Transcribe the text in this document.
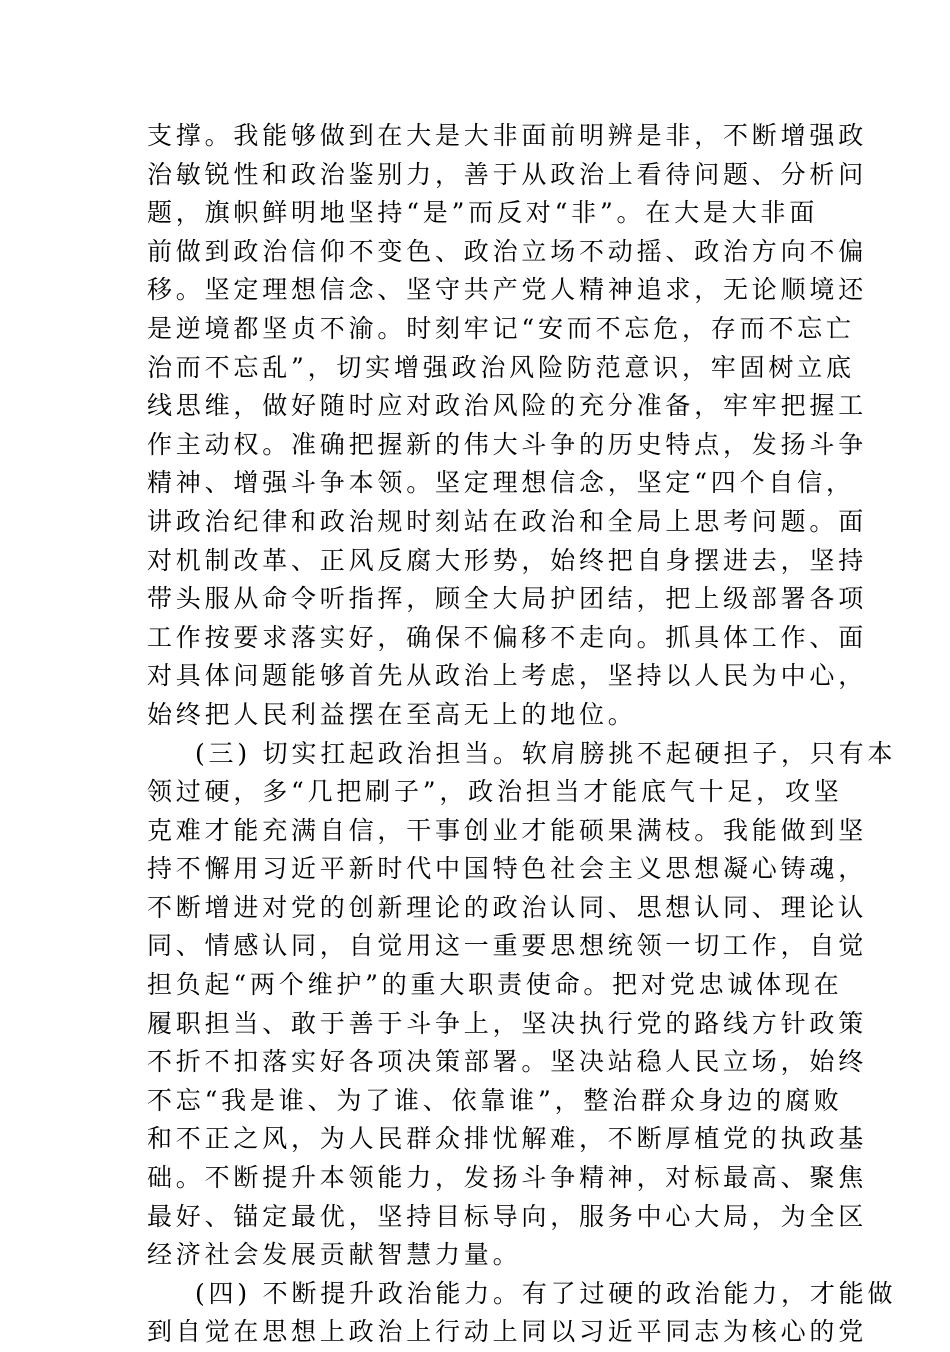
支撑。我能够做到在大是大非面前明辨是非，不断增强政
治敏锐性和政治鉴别力，善于从政治上看待问题、分析问
题，旗帜鲜明地坚持“是”而反对“非”。在大是大非面
前做到政治信仰不变色、政治立场不动摇、政治方向不偏
移。坚定理想信念、坚守共产党人精神追求，无论顺境还
是逆境都坚贞不渝。时刻牢记“安而不忘危，存而不忘亡
治而不忘乱”，切实增强政治风险防范意识，牢固树立底
线思维，做好随时应对政治风险的充分准备，牢牢把握工
作主动权。准确把握新的伟大斗争的历史特点，发扬斗争
精神、增强斗争本领。坚定理想信念，坚定“四个自信，
讲政治纪律和政治规时刻站在政治和全局上思考问题。面
对机制改革、正风反腐大形势，始终把自身摆进去，坚持
带头服从命令听指挥，顾全大局护团结，把上级部署各项
工作按要求落实好，确保不偏移不走向。抓具体工作、面
对具体问题能够首先从政治上考虑，坚持以人民为中心，
始终把人民利益摆在至高无上的地位。
(三) 切实扛起政治担当。软肩膀挑不起硬担子，只有本
领过硬，多“几把刷子”，政治担当才能底气十足，攻坚
克难才能充满自信，干事创业才能硕果满枝。我能做到坚
持不懈用习近平新时代中国特色社会主义思想凝心铸魂，
不断增进对党的创新理论的政治认同、思想认同、理论认
同、情感认同，自觉用这一重要思想统领一切工作，自觉
担负起“两个维护”的重大职责使命。把对党忠诚体现在
履职担当、敢于善于斗争上，坚决执行党的路线方针政策
不折不扣落实好各项决策部署。坚决站稳人民立场，始终
不忘“我是谁、为了谁、依靠谁”，整治群众身边的腐败
和不正之风，为人民群众排忧解难，不断厚植党的执政基
础。不断提升本领能力，发扬斗争精神，对标最高、聚焦
最好、锚定最优，坚持目标导向，服务中心大局，为全区
经济社会发展贡献智慧力量。
(四) 不断提升政治能力。有了过硬的政治能力，才能做
到自觉在思想上政治上行动上同以习近平同志为核心的党
